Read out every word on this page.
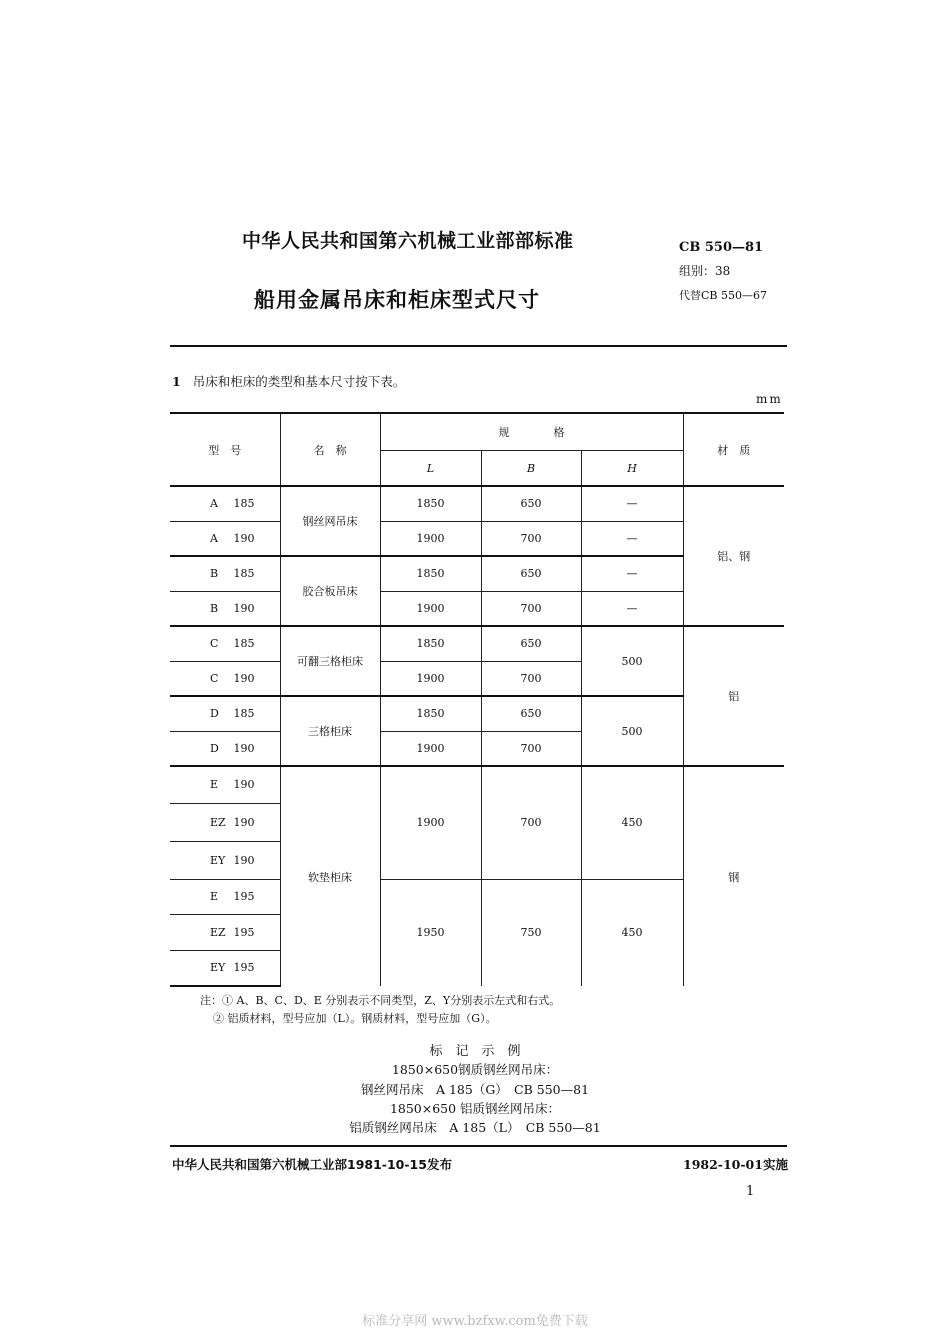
中华人民共和国第六机械工业部部标准
船用金属吊床和柜床型式尺寸
CB 550—81
组别：38
代替CB 550—67
1 吊床和柜床的类型和基本尺寸按下表。
mm
型　号	名　称	规　　　　格			材　质
		L	B	H	
A 185	钢丝网吊床	1850	650	—	铝、钢
A 190		1900	700	—	
B 185	胶合板吊床	1850	650	—	
B 190		1900	700	—	
C 185	可翻三格柜床	1850	650	500	铝
C 190		1900	700		
D 185	三格柜床	1850	650	500	
D 190		1900	700		
E 190	软垫柜床	1900	700	450	钢
EZ 190					
EY 190					
E 195		1950	750	450	
EZ 195					
EY 195					
注：① A、B、C、D、E 分别表示不同类型，Z、Y分别表示左式和右式。
② 铝质材料，型号应加（L）。钢质材料，型号应加（G）。
标　记　示　例
1850×650钢质钢丝网吊床：
钢丝网吊床　A 185（G）　CB 550—81
1850×650 铝质钢丝网吊床：
铝质钢丝网吊床　A 185（L）　CB 550—81
中华人民共和国第六机械工业部1981-10-15发布	1982-10-01实施
1
标准分享网 www.bzfxw.com免费下载
